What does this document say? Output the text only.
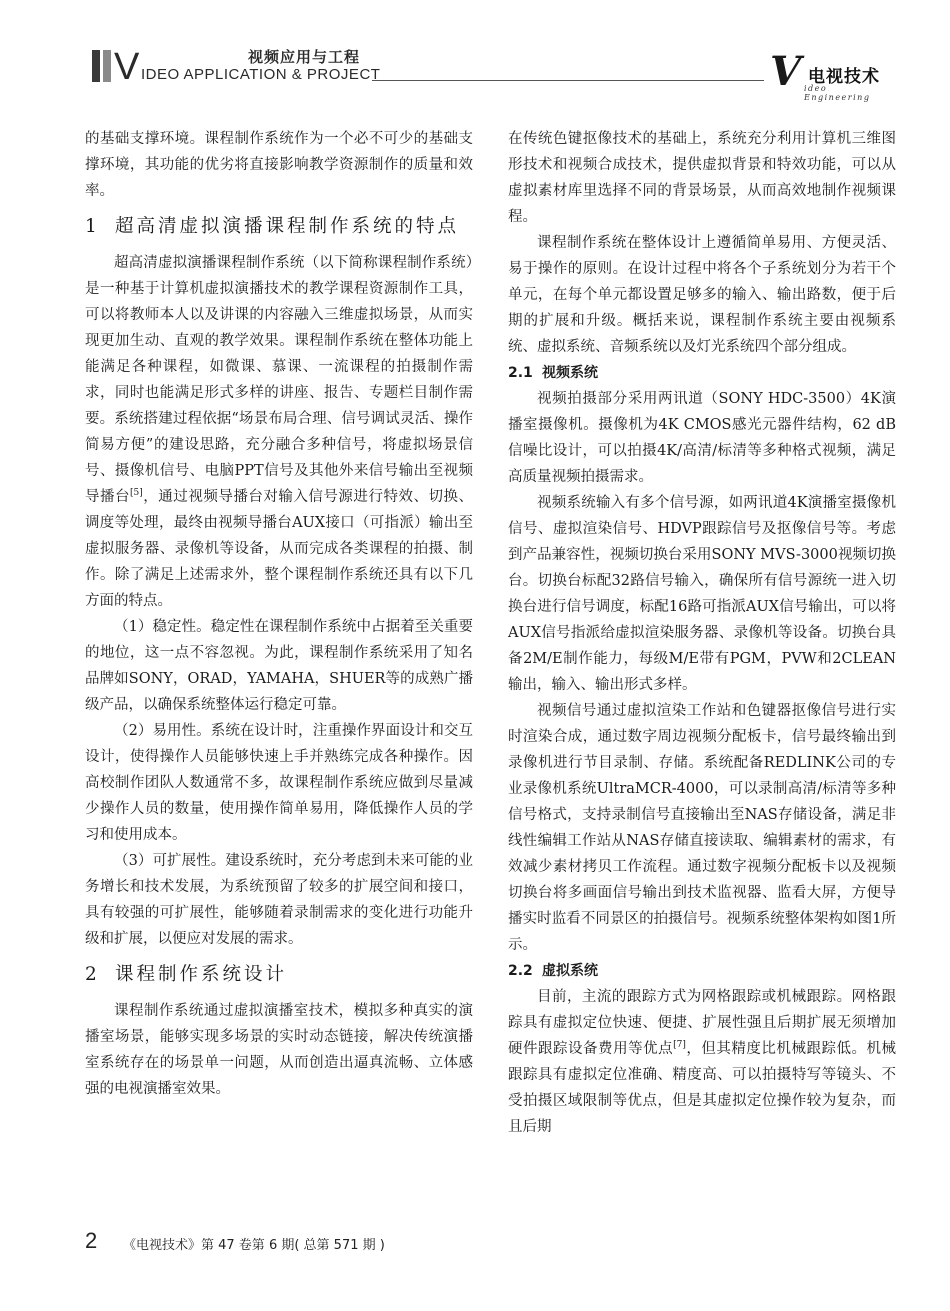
视频应用与工程
V IDEO APPLICATION & PROJECT	V 电视技术
ideo Engineering

的基础支撑环境。课程制作系统作为一个必不可少的基础支撑环境，其功能的优劣将直接影响教学资源制作的质量和效率。

1 超高清虚拟演播课程制作系统的特点

超高清虚拟演播课程制作系统（以下简称课程制作系统）是一种基于计算机虚拟演播技术的教学课程资源制作工具，可以将教师本人以及讲课的内容融入三维虚拟场景，从而实现更加生动、直观的教学效果。课程制作系统在整体功能上能满足各种课程，如微课、慕课、一流课程的拍摄制作需求，同时也能满足形式多样的讲座、报告、专题栏目制作需要。系统搭建过程依据“场景布局合理、信号调试灵活、操作简易方便”的建设思路，充分融合多种信号，将虚拟场景信号、摄像机信号、电脑PPT信号及其他外来信号输出至视频导播台[5]，通过视频导播台对输入信号源进行特效、切换、调度等处理，最终由视频导播台AUX接口（可指派）输出至虚拟服务器、录像机等设备，从而完成各类课程的拍摄、制作。除了满足上述需求外，整个课程制作系统还具有以下几方面的特点。

（1）稳定性。稳定性在课程制作系统中占据着至关重要的地位，这一点不容忽视。为此，课程制作系统采用了知名品牌如SONY，ORAD，YAMAHA，SHUER等的成熟广播级产品，以确保系统整体运行稳定可靠。

（2）易用性。系统在设计时，注重操作界面设计和交互设计，使得操作人员能够快速上手并熟练完成各种操作。因高校制作团队人数通常不多，故课程制作系统应做到尽量减少操作人员的数量，使用操作简单易用，降低操作人员的学习和使用成本。

（3）可扩展性。建设系统时，充分考虑到未来可能的业务增长和技术发展，为系统预留了较多的扩展空间和接口，具有较强的可扩展性，能够随着录制需求的变化进行功能升级和扩展，以便应对发展的需求。

2 课程制作系统设计

课程制作系统通过虚拟演播室技术，模拟多种真实的演播室场景，能够实现多场景的实时动态链接，解决传统演播室系统存在的场景单一问题，从而创造出逼真流畅、立体感强的电视演播室效果。

在传统色键抠像技术的基础上，系统充分利用计算机三维图形技术和视频合成技术，提供虚拟背景和特效功能，可以从虚拟素材库里选择不同的背景场景，从而高效地制作视频课程。

课程制作系统在整体设计上遵循简单易用、方便灵活、易于操作的原则。在设计过程中将各个子系统划分为若干个单元，在每个单元都设置足够多的输入、输出路数，便于后期的扩展和升级。概括来说，课程制作系统主要由视频系统、虚拟系统、音频系统以及灯光系统四个部分组成。

2.1 视频系统

视频拍摄部分采用两讯道（SONY HDC-3500）4K演播室摄像机。摄像机为4K CMOS感光元器件结构，62 dB信噪比设计，可以拍摄4K/高清/标清等多种格式视频，满足高质量视频拍摄需求。

视频系统输入有多个信号源，如两讯道4K演播室摄像机信号、虚拟渲染信号、HDVP跟踪信号及抠像信号等。考虑到产品兼容性，视频切换台采用SONY MVS-3000视频切换台。切换台标配32路信号输入，确保所有信号源统一进入切换台进行信号调度，标配16路可指派AUX信号输出，可以将AUX信号指派给虚拟渲染服务器、录像机等设备。切换台具备2M/E制作能力，每级M/E带有PGM，PVW和2CLEAN输出，输入、输出形式多样。

视频信号通过虚拟渲染工作站和色键器抠像信号进行实时渲染合成，通过数字周边视频分配板卡，信号最终输出到录像机进行节目录制、存储。系统配备REDLINK公司的专业录像机系统UltraMCR-4000，可以录制高清/标清等多种信号格式，支持录制信号直接输出至NAS存储设备，满足非线性编辑工作站从NAS存储直接读取、编辑素材的需求，有效减少素材拷贝工作流程。通过数字视频分配板卡以及视频切换台将多画面信号输出到技术监视器、监看大屏，方便导播实时监看不同景区的拍摄信号。视频系统整体架构如图1所示。

2.2 虚拟系统

目前，主流的跟踪方式为网格跟踪或机械跟踪。网格跟踪具有虚拟定位快速、便捷、扩展性强且后期扩展无须增加硬件跟踪设备费用等优点[7]，但其精度比机械跟踪低。机械跟踪具有虚拟定位准确、精度高、可以拍摄特写等镜头、不受拍摄区域限制等优点，但是其虚拟定位操作较为复杂，而且后期

2 《电视技术》第 47 卷第 6 期( 总第 571 期 )
